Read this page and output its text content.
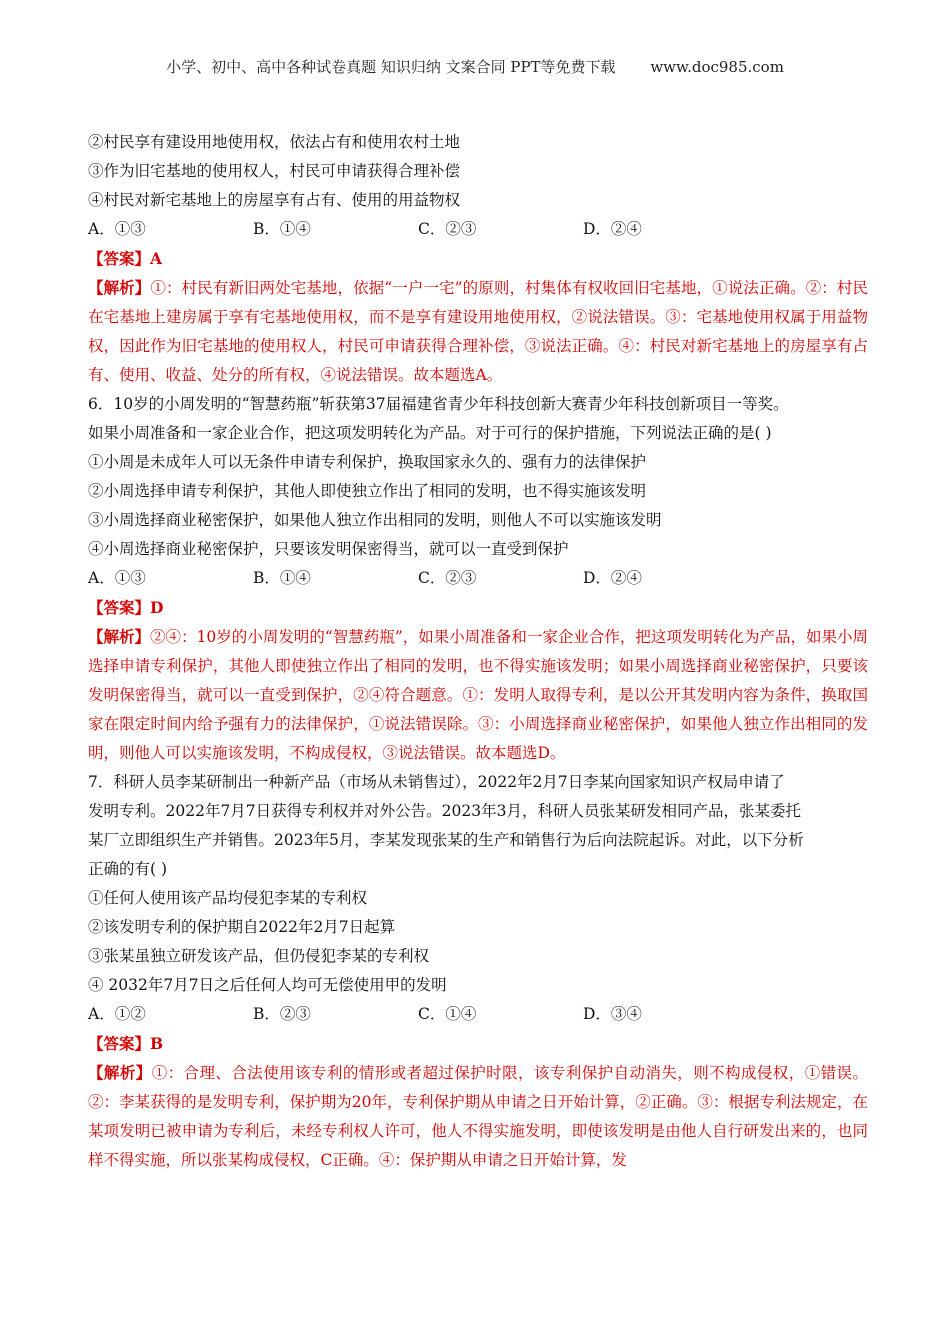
小学、初中、高中各种试卷真题 知识归纳 文案合同 PPT等免费下载 www.doc985.com
②村民享有建设用地使用权，依法占有和使用农村土地
③作为旧宅基地的使用权人，村民可申请获得合理补偿
④村民对新宅基地上的房屋享有占有、使用的用益物权
A．①③	B．①④	C．②③	D．②④
【答案】A
【解析】①：村民有新旧两处宅基地，依据“一户一宅”的原则，村集体有权收回旧宅基地，①说法正确。②：村民在宅基地上建房属于享有宅基地使用权，而不是享有建设用地使用权，②说法错误。③：宅基地使用权属于用益物权，因此作为旧宅基地的使用权人，村民可申请获得合理补偿，③说法正确。④：村民对新宅基地上的房屋享有占有、使用、收益、处分的所有权，④说法错误。故本题选A。
6．10岁的小周发明的“智慧药瓶”斩获第37届福建省青少年科技创新大赛青少年科技创新项目一等奖。
如果小周准备和一家企业合作，把这项发明转化为产品。对于可行的保护措施，下列说法正确的是( )
①小周是未成年人可以无条件申请专利保护，换取国家永久的、强有力的法律保护
②小周选择申请专利保护，其他人即使独立作出了相同的发明，也不得实施该发明
③小周选择商业秘密保护，如果他人独立作出相同的发明，则他人不可以实施该发明
④小周选择商业秘密保护，只要该发明保密得当，就可以一直受到保护
A．①③	B．①④	C．②③	D．②④
【答案】D
【解析】②④：10岁的小周发明的“智慧药瓶”，如果小周准备和一家企业合作，把这项发明转化为产品，如果小周选择申请专利保护，其他人即使独立作出了相同的发明，也不得实施该发明；如果小周选择商业秘密保护，只要该发明保密得当，就可以一直受到保护，②④符合题意。①：发明人取得专利，是以公开其发明内容为条件，换取国家在限定时间内给予强有力的法律保护，①说法错误除。③：小周选择商业秘密保护，如果他人独立作出相同的发明，则他人可以实施该发明，不构成侵权，③说法错误。故本题选D。
7．科研人员李某研制出一种新产品（市场从未销售过），2022年2月7日李某向国家知识产权局申请了
发明专利。2022年7月7日获得专利权并对外公告。2023年3月，科研人员张某研发相同产品，张某委托
某厂立即组织生产并销售。2023年5月，李某发现张某的生产和销售行为后向法院起诉。对此，以下分析
正确的有( )
①任何人使用该产品均侵犯李某的专利权
②该发明专利的保护期自2022年2月7日起算
③张某虽独立研发该产品，但仍侵犯李某的专利权
④ 2032年7月7日之后任何人均可无偿使用甲的发明
A．①②	B．②③	C．①④	D．③④
【答案】B
【解析】①：合理、合法使用该专利的情形或者超过保护时限，该专利保护自动消失，则不构成侵权，①错误。②：李某获得的是发明专利，保护期为20年，专利保护期从申请之日开始计算，②正确。③：根据专利法规定，在某项发明已被申请为专利后，未经专利权人许可，他人不得实施发明，即使该发明是由他人自行研发出来的，也同样不得实施，所以张某构成侵权，C正确。④：保护期从申请之日开始计算，发
